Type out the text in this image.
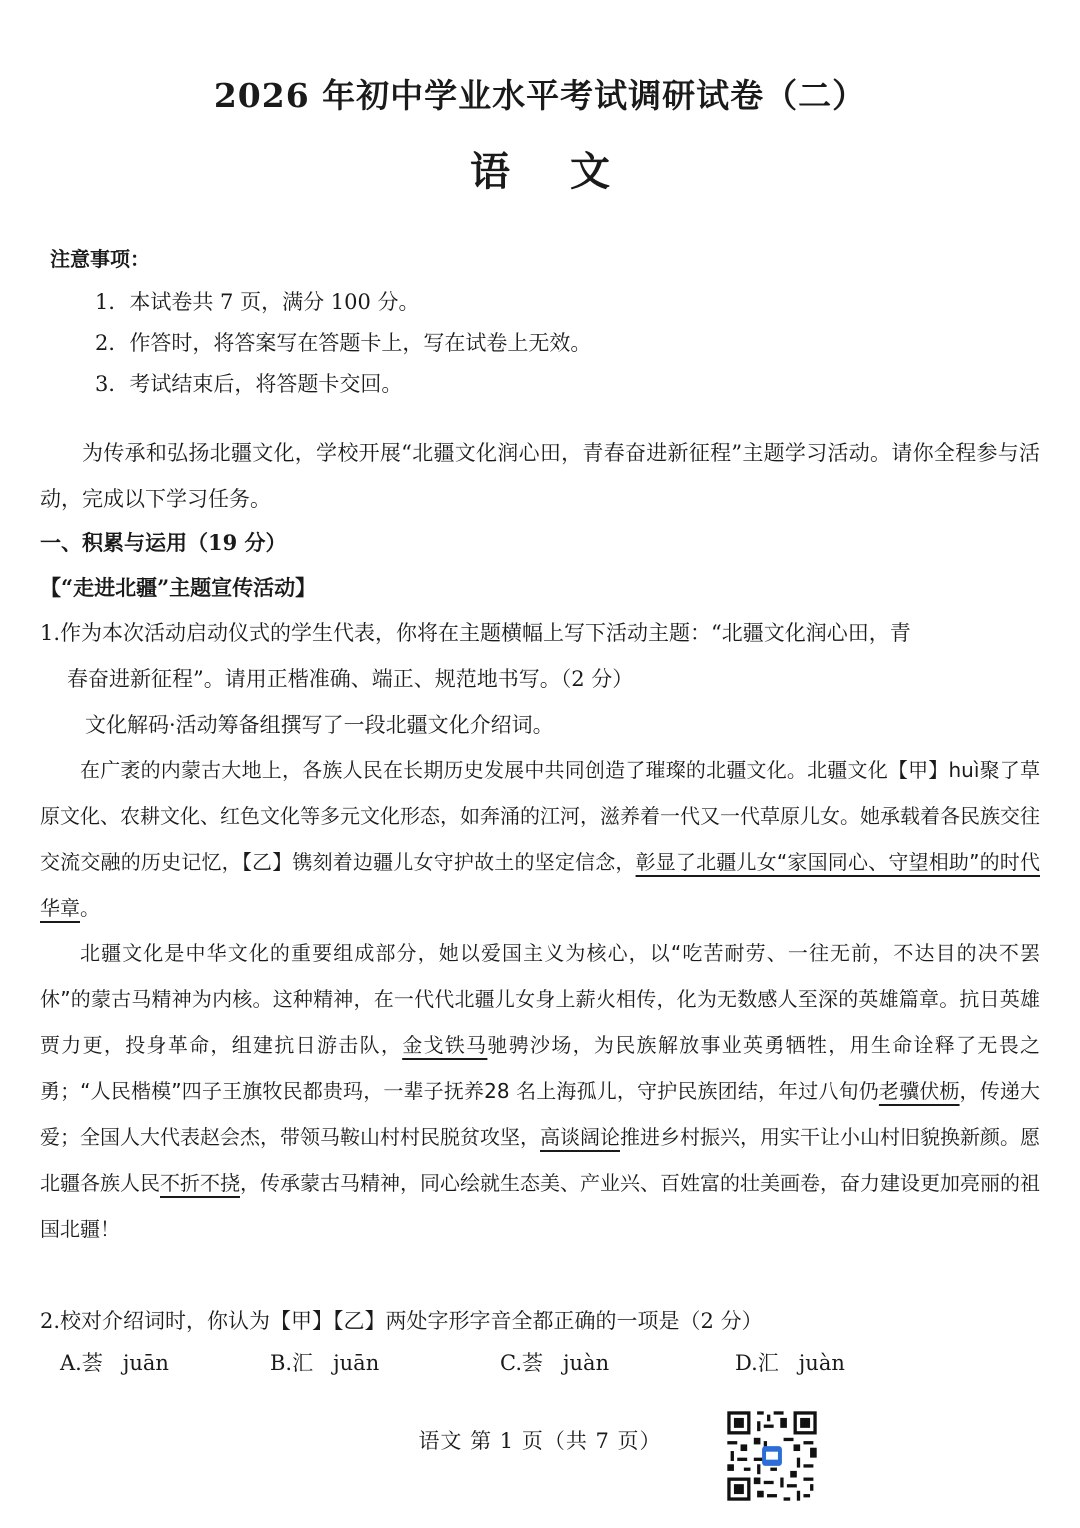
2026 年初中学业水平考试调研试卷（二）
语文
注意事项：
1．本试卷共 7 页，满分 100 分。
2．作答时，将答案写在答题卡上，写在试卷上无效。
3．考试结束后，将答题卡交回。
为传承和弘扬北疆文化，学校开展“北疆文化润心田，青春奋进新征程”主题学习活动。请你全程参与活动，完成以下学习任务。
一、积累与运用（19 分）
【“走进北疆”主题宣传活动】
1.作为本次活动启动仪式的学生代表，你将在主题横幅上写下活动主题：“北疆文化润心田，青
春奋进新征程”。请用正楷准确、端正、规范地书写。（2 分）
文化解码·活动筹备组撰写了一段北疆文化介绍词。
在广袤的内蒙古大地上，各族人民在长期历史发展中共同创造了璀璨的北疆文化。北疆文化【甲】huì聚了草原文化、农耕文化、红色文化等多元文化形态，如奔涌的江河，滋养着一代又一代草原儿女。她承载着各民族交往交流交融的历史记忆，【乙】镌刻着边疆儿女守护故土的坚定信念，彰显了北疆儿女“家国同心、守望相助”的时代华章。
北疆文化是中华文化的重要组成部分，她以爱国主义为核心，以“吃苦耐劳、一往无前，不达目的决不罢休”的蒙古马精神为内核。这种精神，在一代代北疆儿女身上薪火相传，化为无数感人至深的英雄篇章。抗日英雄贾力更，投身革命，组建抗日游击队，金戈铁马驰骋沙场，为民族解放事业英勇牺牲，用生命诠释了无畏之勇；“人民楷模”四子王旗牧民都贵玛，一辈子抚养28 名上海孤儿，守护民族团结，年过八旬仍老骥伏枥，传递大爱；全国人大代表赵会杰，带领马鞍山村村民脱贫攻坚，高谈阔论推进乡村振兴，用实干让小山村旧貌换新颜。愿北疆各族人民不折不挠，传承蒙古马精神，同心绘就生态美、产业兴、百姓富的壮美画卷，奋力建设更加亮丽的祖国北疆！
2.校对介绍词时，你认为【甲】【乙】两处字形字音全都正确的一项是（2 分）
A.荟   juān	B.汇   juān	C.荟   juàn	D.汇   juàn
语文 第 1 页（共 7 页）
